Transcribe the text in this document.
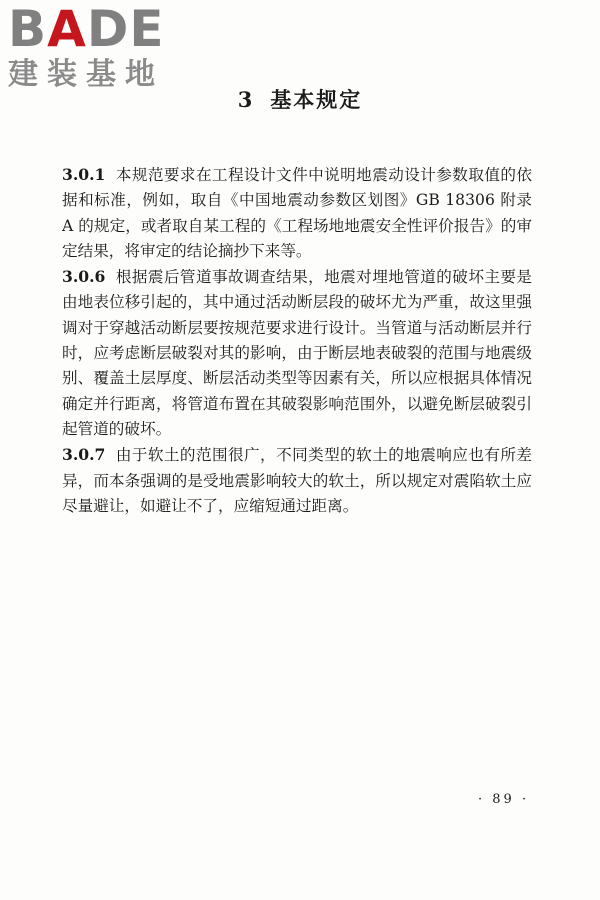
BADE
建装基地
3 基本规定

3.0.1 本规范要求在工程设计文件中说明地震动设计参数取值的依据和标准，例如，取自《中国地震动参数区划图》GB 18306 附录 A 的规定，或者取自某工程的《工程场地地震安全性评价报告》的审定结果，将审定的结论摘抄下来等。

3.0.6 根据震后管道事故调查结果，地震对埋地管道的破坏主要是由地表位移引起的，其中通过活动断层段的破坏尤为严重，故这里强调对于穿越活动断层要按规范要求进行设计。当管道与活动断层并行时，应考虑断层破裂对其的影响，由于断层地表破裂的范围与地震级别、覆盖土层厚度、断层活动类型等因素有关，所以应根据具体情况确定并行距离，将管道布置在其破裂影响范围外，以避免断层破裂引起管道的破坏。

3.0.7 由于软土的范围很广，不同类型的软土的地震响应也有所差异，而本条强调的是受地震影响较大的软土，所以规定对震陷软土应尽量避让，如避让不了，应缩短通过距离。

· 89 ·
